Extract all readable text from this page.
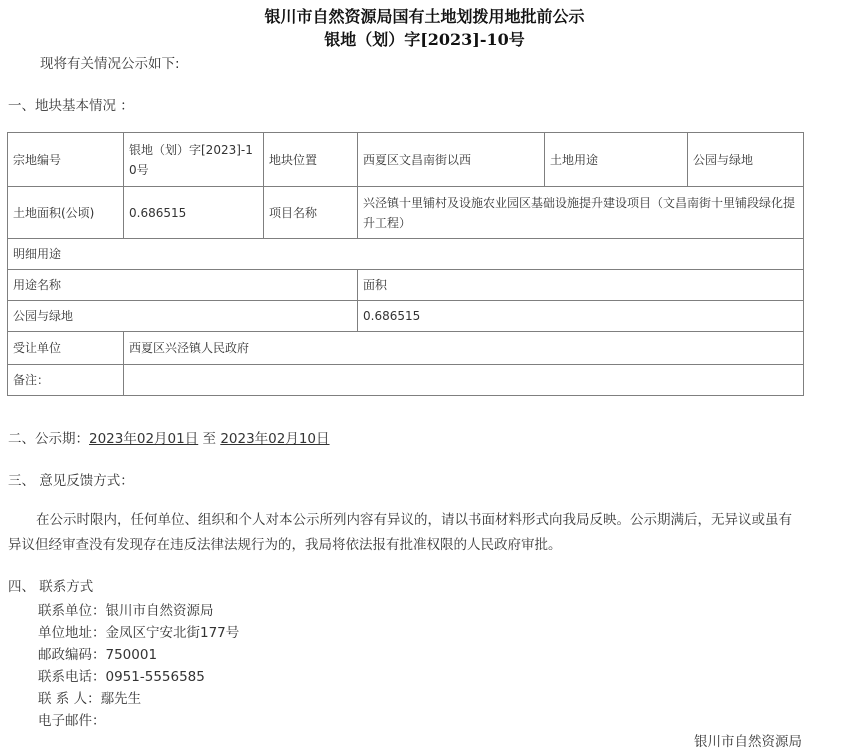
银川市自然资源局国有土地划拨用地批前公示
银地（划）字[2023]-10号
现将有关情况公示如下:
一、地块基本情况 ：
宗地编号	银地（划）字[2023]-10号	地块位置	西夏区文昌南街以西	土地用途	公园与绿地
土地面积(公顷)	0.686515	项目名称	兴泾镇十里铺村及设施农业园区基础设施提升建设项目（文昌南街十里铺段绿化提升工程）		
明细用途					
用途名称			面积		
公园与绿地			0.686515		
受让单位	西夏区兴泾镇人民政府				
备注：					
二、公示期：2023年02月01日 至 2023年02月10日
三、 意见反馈方式：
在公示时限内，任何单位、组织和个人对本公示所列内容有异议的，请以书面材料形式向我局反映。公示期满后，无异议或虽有异议但经审查没有发现存在违反法律法规行为的，我局将依法报有批准权限的人民政府审批。
四、 联系方式
联系单位：银川市自然资源局
单位地址：金凤区宁安北街177号
邮政编码：750001
联系电话：0951-5556585
联 系 人：鄢先生
电子邮件：
银川市自然资源局
